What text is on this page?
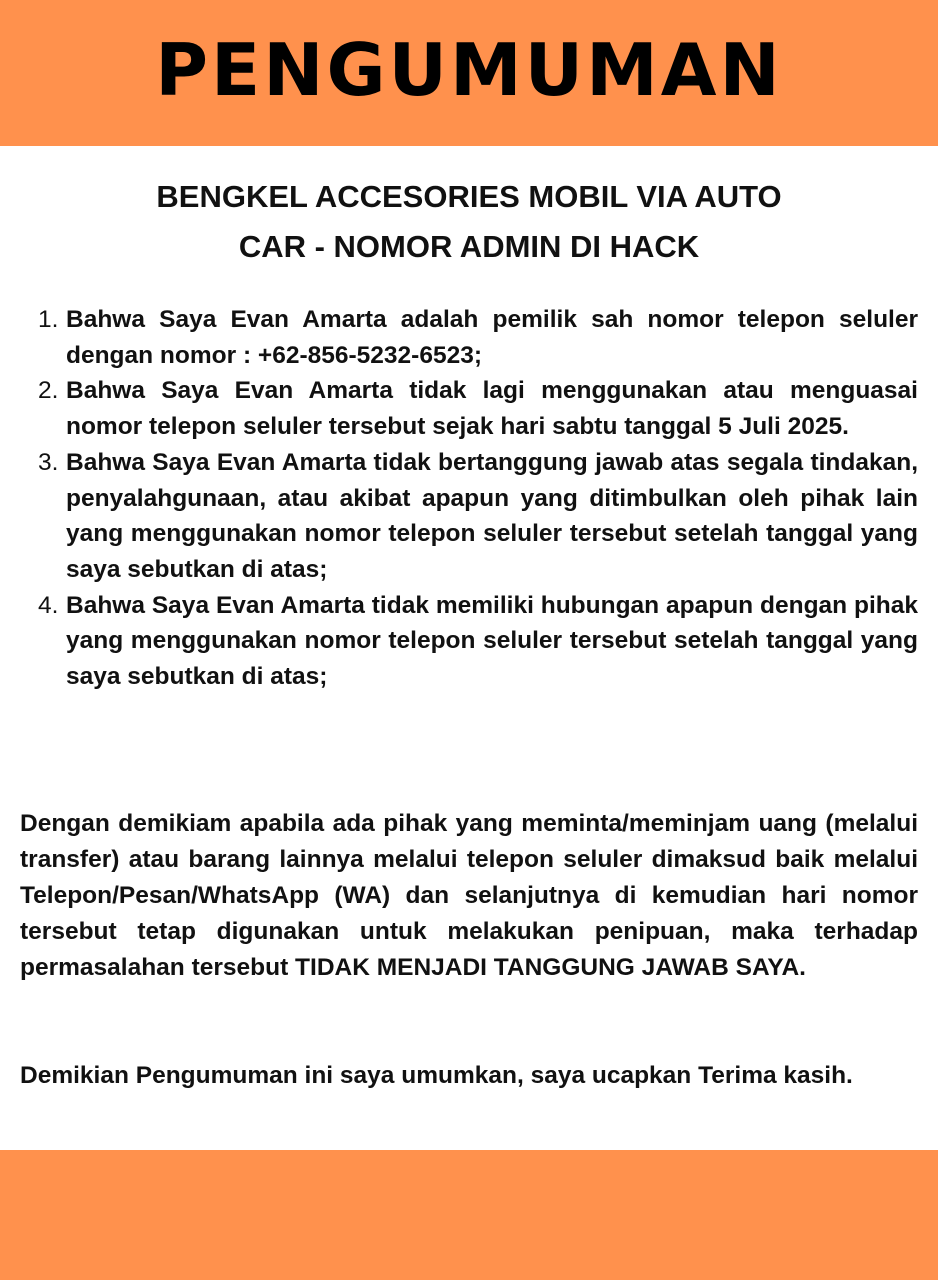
PENGUMUMAN
BENGKEL ACCESORIES MOBIL VIA AUTO
CAR - NOMOR ADMIN DI HACK
1. Bahwa Saya Evan Amarta adalah pemilik sah nomor telepon seluler dengan nomor : +62-856-5232-6523;
2. Bahwa Saya Evan Amarta tidak lagi menggunakan atau menguasai nomor telepon seluler tersebut sejak hari sabtu tanggal 5 Juli 2025.
3. Bahwa Saya Evan Amarta tidak bertanggung jawab atas segala tindakan, penyalahgunaan, atau akibat apapun yang ditimbulkan oleh pihak lain yang menggunakan nomor telepon seluler tersebut setelah tanggal yang saya sebutkan di atas;
4. Bahwa Saya Evan Amarta tidak memiliki hubungan apapun dengan pihak yang menggunakan nomor telepon seluler tersebut setelah tanggal yang saya sebutkan di atas;

Dengan demikiam apabila ada pihak yang meminta/meminjam uang (melalui transfer) atau barang lainnya melalui telepon seluler dimaksud baik melalui Telepon/Pesan/WhatsApp (WA) dan selanjutnya di kemudian hari nomor tersebut tetap digunakan untuk melakukan penipuan, maka terhadap permasalahan tersebut TIDAK MENJADI TANGGUNG JAWAB SAYA.

Demikian Pengumuman ini saya umumkan, saya ucapkan Terima kasih.
